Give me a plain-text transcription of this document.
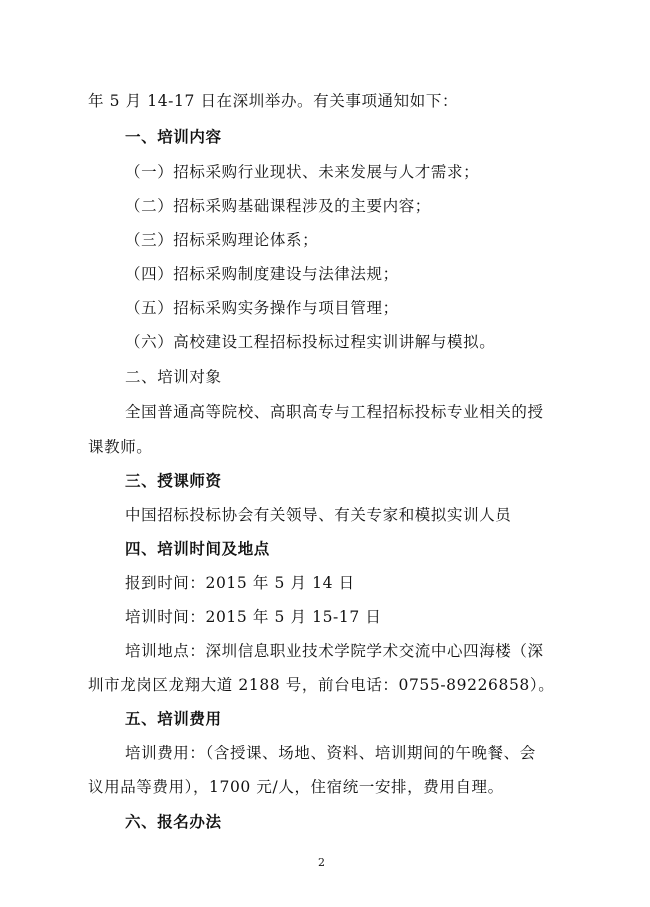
年 5 月 14-17 日在深圳举办。有关事项通知如下：
一、培训内容
（一）招标采购行业现状、未来发展与人才需求；
（二）招标采购基础课程涉及的主要内容；
（三）招标采购理论体系；
（四）招标采购制度建设与法律法规；
（五）招标采购实务操作与项目管理；
（六）高校建设工程招标投标过程实训讲解与模拟。
二、培训对象
全国普通高等院校、高职高专与工程招标投标专业相关的授
课教师。
三、授课师资
中国招标投标协会有关领导、有关专家和模拟实训人员
四、培训时间及地点
报到时间：2015 年 5 月 14 日
培训时间：2015 年 5 月 15-17 日
培训地点：深圳信息职业技术学院学术交流中心四海楼（深
圳市龙岗区龙翔大道 2188 号，前台电话：0755-89226858）。
五、培训费用
培训费用：（含授课、场地、资料、培训期间的午晚餐、会
议用品等费用），1700 元/人，住宿统一安排，费用自理。
六、报名办法
2
